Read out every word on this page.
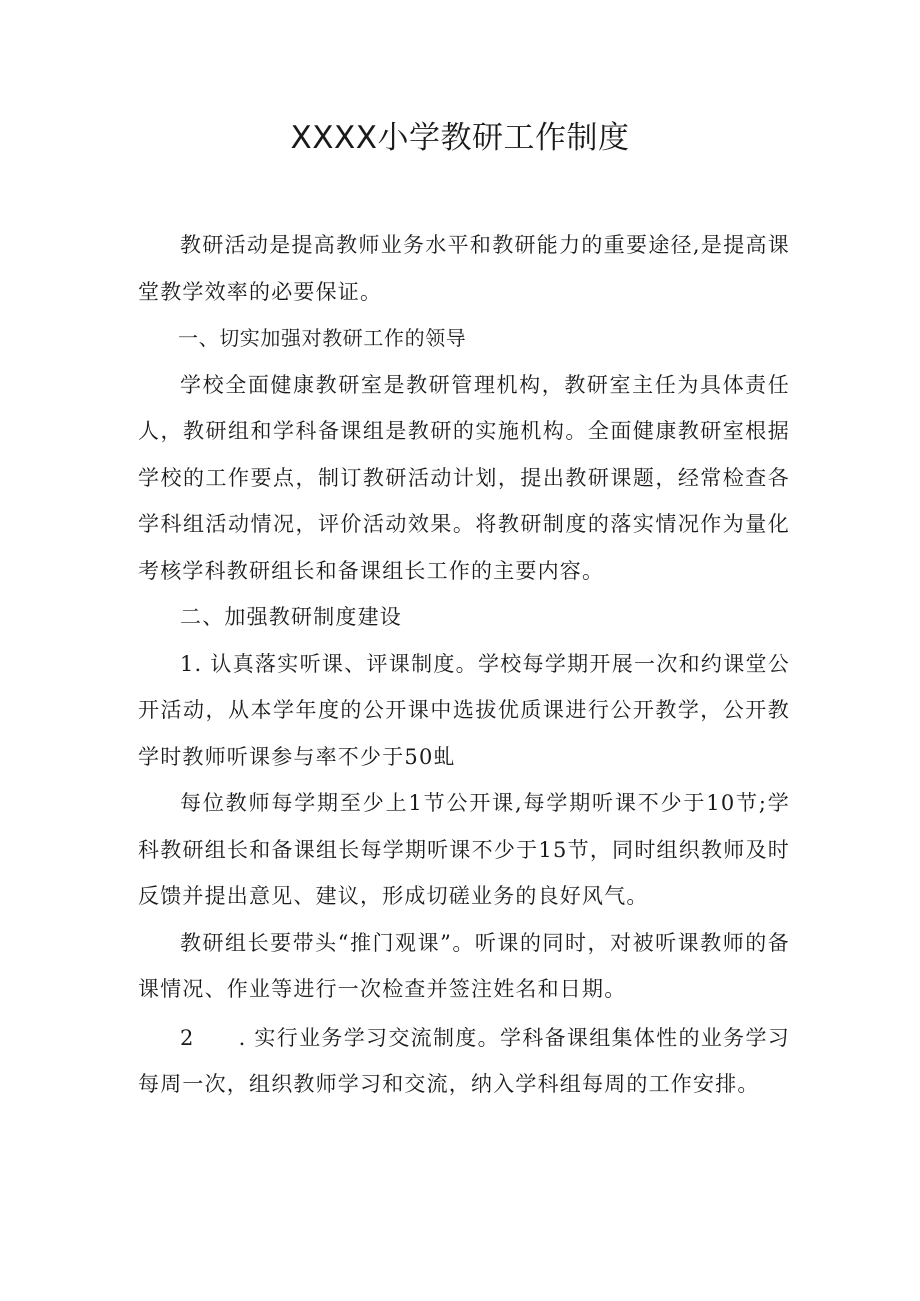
XXXX小学教研工作制度

教研活动是提高教师业务水平和教研能力的重要途径,是提高课堂教学效率的必要保证。

一、切实加强对教研工作的领导

学校全面健康教研室是教研管理机构，教研室主任为具体责任人，教研组和学科备课组是教研的实施机构。全面健康教研室根据学校的工作要点，制订教研活动计划，提出教研课题，经常检查各学科组活动情况，评价活动效果。将教研制度的落实情况作为量化考核学科教研组长和备课组长工作的主要内容。

二、加强教研制度建设

1. 认真落实听课、评课制度。学校每学期开展一次和约课堂公开活动，从本学年度的公开课中选拔优质课进行公开教学，公开教学时教师听课参与率不少于50虬

每位教师每学期至少上1节公开课,每学期听课不少于10节;学科教研组长和备课组长每学期听课不少于15节，同时组织教师及时反馈并提出意见、建议，形成切磋业务的良好风气。

教研组长要带头“推门观课”。听课的同时，对被听课教师的备课情况、作业等进行一次检查并签注姓名和日期。

2 . 实行业务学习交流制度。学科备课组集体性的业务学习每周一次，组织教师学习和交流，纳入学科组每周的工作安排。
